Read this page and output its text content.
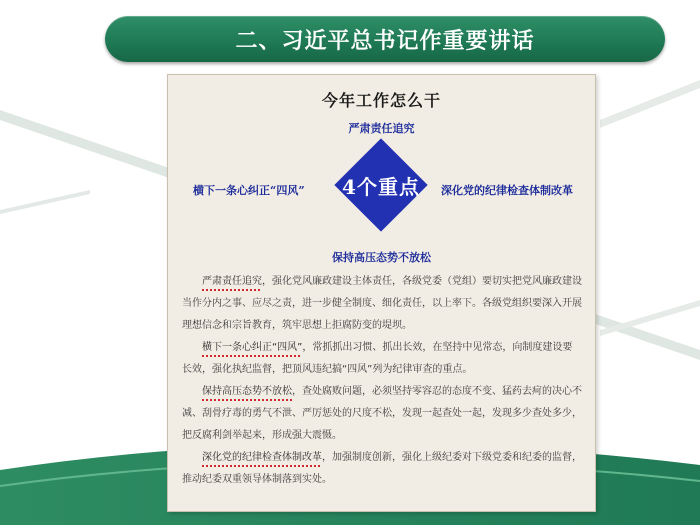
二、习近平总书记作重要讲话
今年工作怎么干
严肃责任追究
横下一条心纠正“四风”	深化党的纪律检查体制改革
保持高压态势不放松
4个重点

严肃责任追究，强化党风廉政建设主体责任，各级党委（党组）要切实把党风廉政建设当作分内之事、应尽之责，进一步健全制度、细化责任，以上率下。各级党组织要深入开展理想信念和宗旨教育，筑牢思想上拒腐防变的堤坝。

横下一条心纠正“四风”，常抓抓出习惯、抓出长效，在坚持中见常态，向制度建设要长效，强化执纪监督，把顶风违纪搞“四风”列为纪律审查的重点。

保持高压态势不放松，查处腐败问题，必须坚持零容忍的态度不变、猛药去疴的决心不减、刮骨疗毒的勇气不泄、严厉惩处的尺度不松，发现一起查处一起，发现多少查处多少，把反腐利剑举起来，形成强大震慑。

深化党的纪律检查体制改革，加强制度创新，强化上级纪委对下级党委和纪委的监督，推动纪委双重领导体制落到实处。
